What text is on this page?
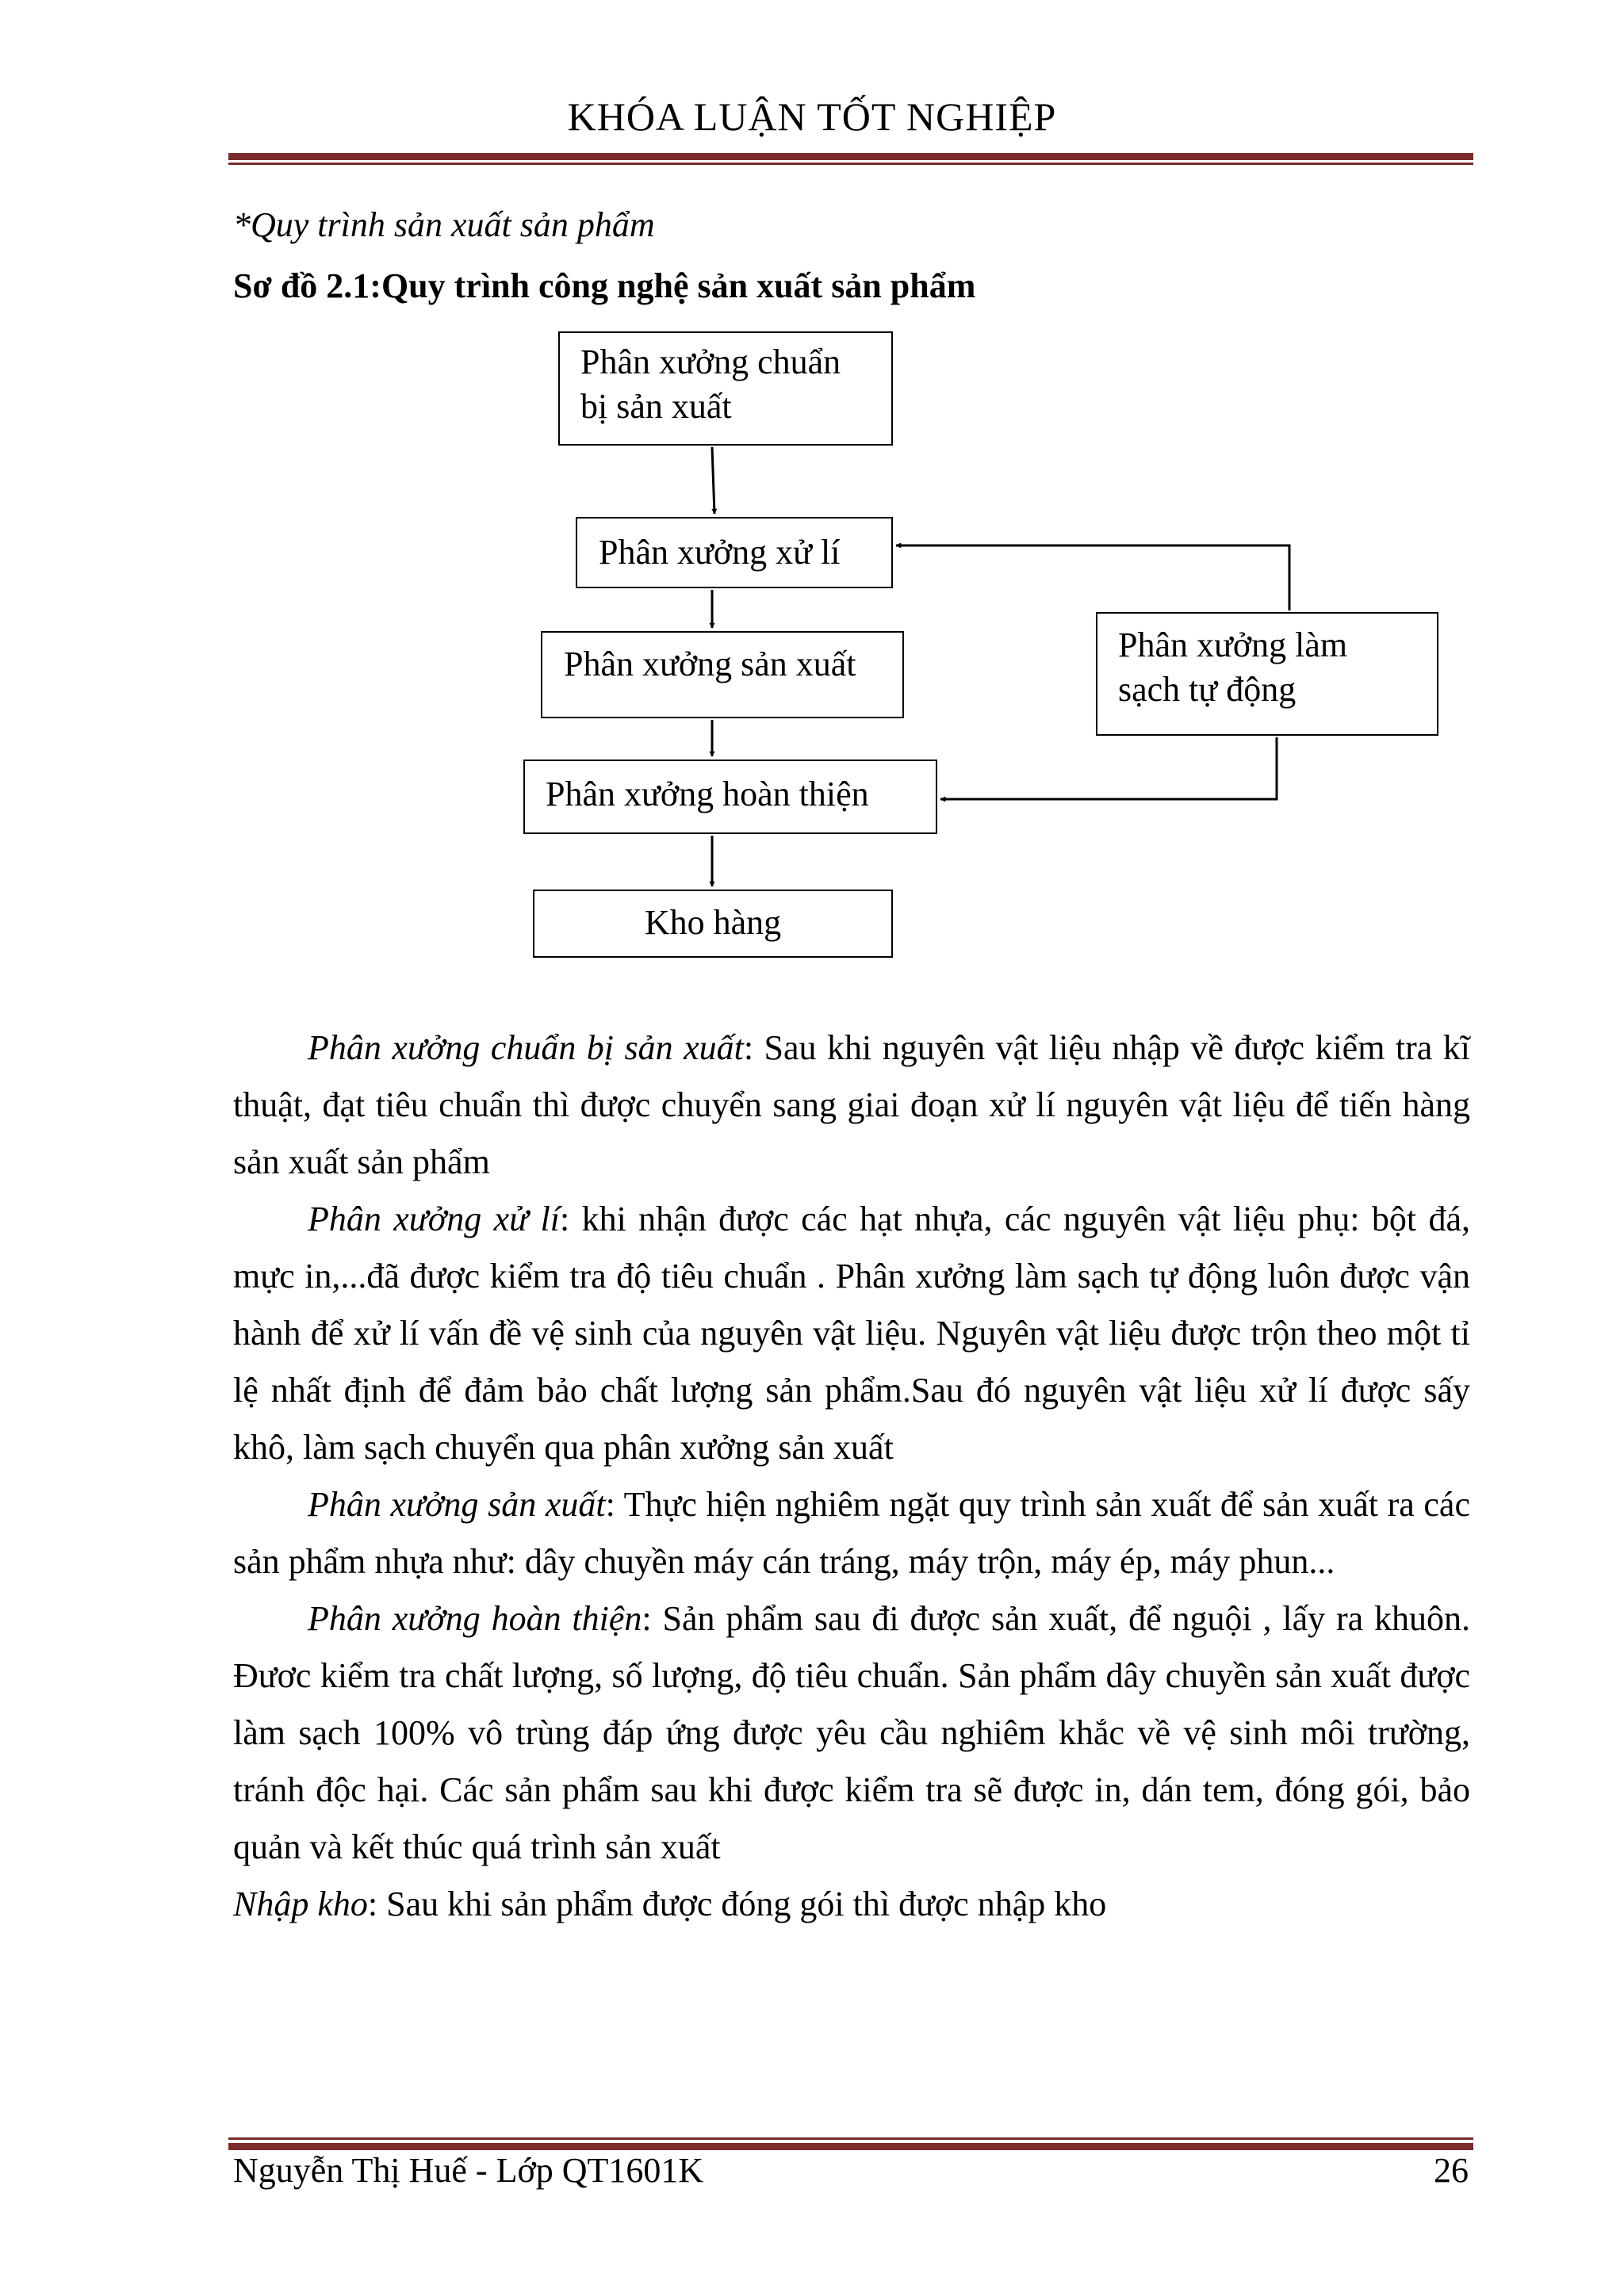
KHÓA LUẬN TỐT NGHIỆP
*Quy trình sản xuất sản phẩm
Sơ đồ 2.1:Quy trình công nghệ sản xuất sản phẩm
Phân xưởng chuẩn
bị sản xuất
Phân xưởng xử lí
Phân xưởng sản xuất	Phân xưởng làm
sạch tự động
Phân xưởng hoàn thiện
Kho hàng

Phân xưởng chuẩn bị sản xuất: Sau khi nguyên vật liệu nhập về được kiểm tra kĩ thuật, đạt tiêu chuẩn thì được chuyển sang giai đoạn xử lí nguyên vật liệu để tiến hàng sản xuất sản phẩm

Phân xưởng xử lí: khi nhận được các hạt nhựa, các nguyên vật liệu phụ: bột đá, mực in,...đã được kiểm tra độ tiêu chuẩn . Phân xưởng làm sạch tự động luôn được vận hành để xử lí vấn đề vệ sinh của nguyên vật liệu. Nguyên vật liệu được trộn theo một tỉ lệ nhất định để đảm bảo chất lượng sản phẩm.Sau đó nguyên vật liệu xử lí được sấy khô, làm sạch chuyển qua phân xưởng sản xuất

Phân xưởng sản xuất: Thực hiện nghiêm ngặt quy trình sản xuất để sản xuất ra các sản phẩm nhựa như: dây chuyền máy cán tráng, máy trộn, máy ép, máy phun...

Phân xưởng hoàn thiện: Sản phẩm sau đi được sản xuất, để nguội , lấy ra khuôn. Đươc kiểm tra chất lượng, số lượng, độ tiêu chuẩn. Sản phẩm dây chuyền sản xuất được làm sạch 100% vô trùng đáp ứng được yêu cầu nghiêm khắc về vệ sinh môi trường, tránh độc hại. Các sản phẩm sau khi được kiểm tra sẽ được in, dán tem, đóng gói, bảo quản và kết thúc quá trình sản xuất

Nhập kho: Sau khi sản phẩm được đóng gói thì được nhập kho

Nguyễn Thị Huế - Lớp QT1601K	26
